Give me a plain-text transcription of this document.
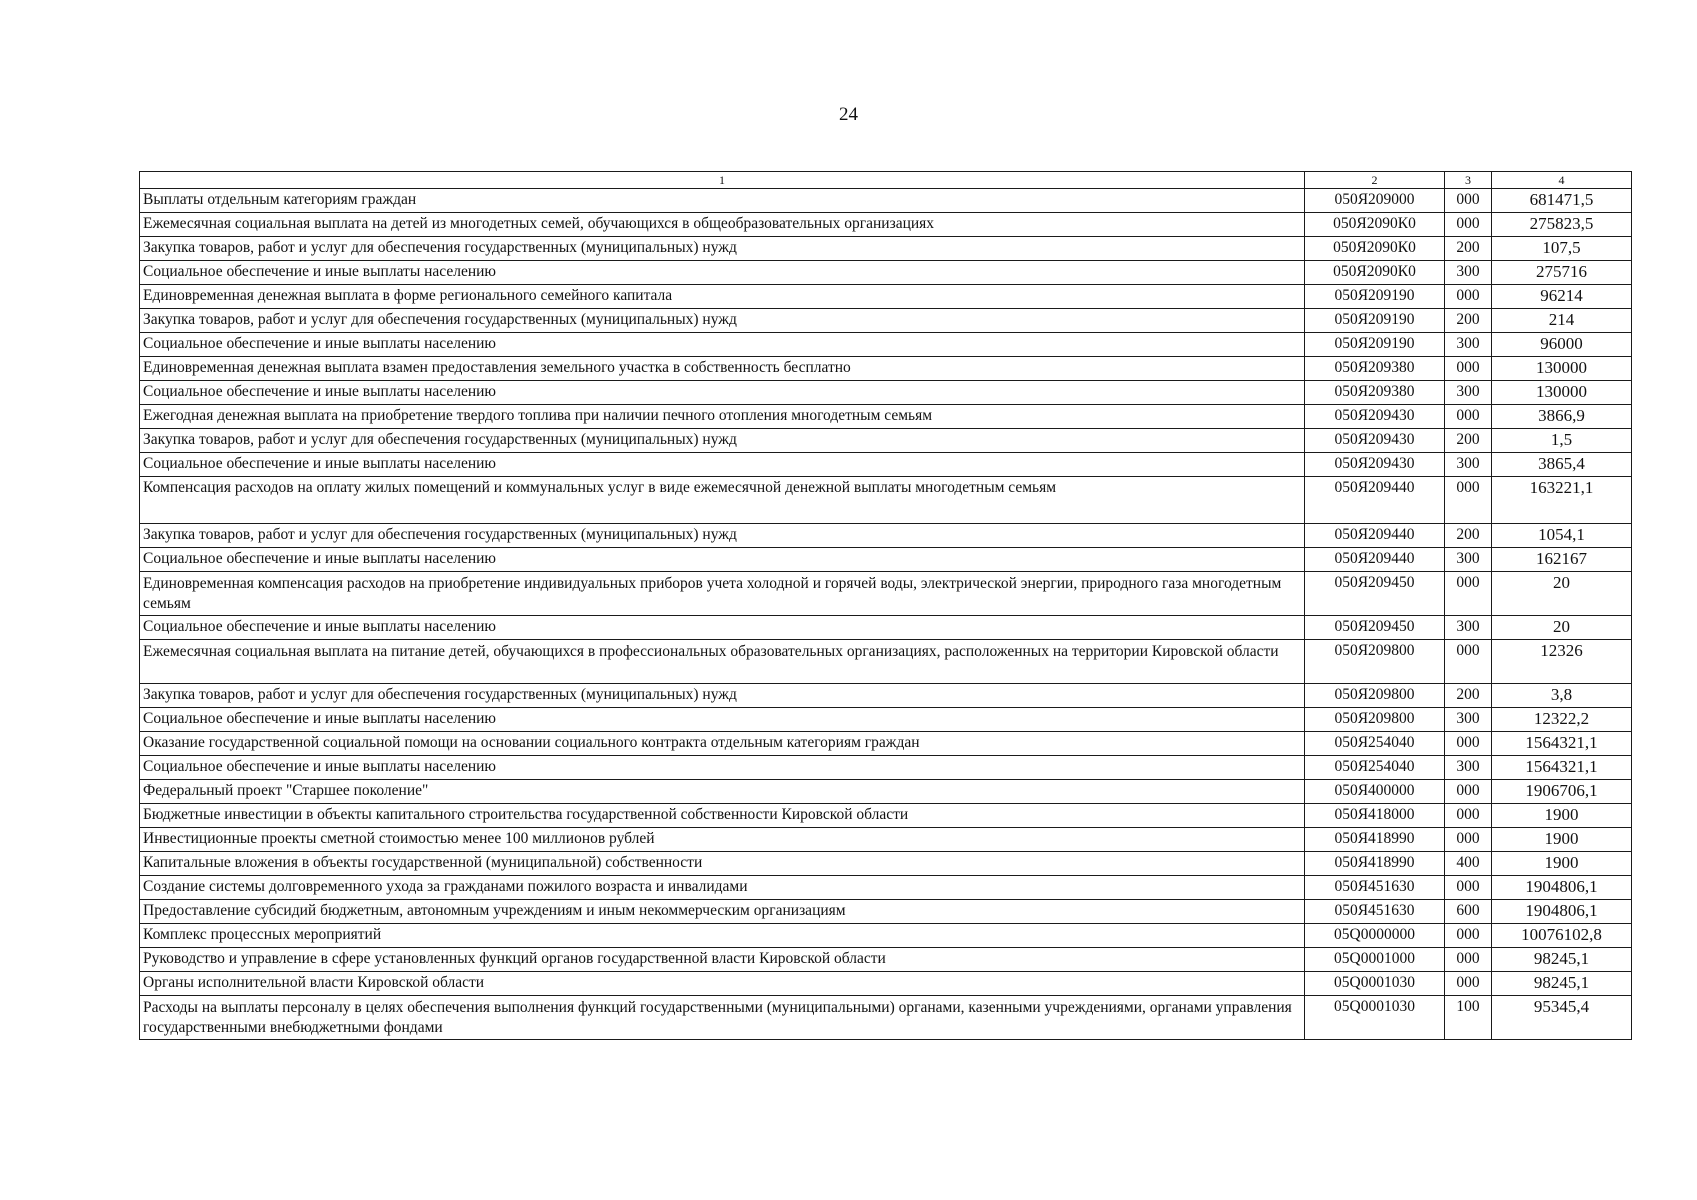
24
1	2	3	4
Выплаты отдельным категориям граждан	050Я209000	000	681471,5
Ежемесячная социальная выплата на детей из многодетных семей, обучающихся в общеобразовательных организациях	050Я2090К0	000	275823,5
Закупка товаров, работ и услуг для обеспечения государственных (муниципальных) нужд	050Я2090К0	200	107,5
Социальное обеспечение и иные выплаты населению	050Я2090К0	300	275716
Единовременная денежная выплата в форме регионального семейного капитала	050Я209190	000	96214
Закупка товаров, работ и услуг для обеспечения государственных (муниципальных) нужд	050Я209190	200	214
Социальное обеспечение и иные выплаты населению	050Я209190	300	96000
Единовременная денежная выплата взамен предоставления земельного участка в собственность бесплатно	050Я209380	000	130000
Социальное обеспечение и иные выплаты населению	050Я209380	300	130000
Ежегодная денежная выплата на приобретение твердого топлива при наличии печного отопления многодетным семьям	050Я209430	000	3866,9
Закупка товаров, работ и услуг для обеспечения государственных (муниципальных) нужд	050Я209430	200	1,5
Социальное обеспечение и иные выплаты населению	050Я209430	300	3865,4
Компенсация расходов на оплату жилых помещений и коммунальных услуг в виде ежемесячной денежной выплаты многодетным семьям	050Я209440	000	163221,1
Закупка товаров, работ и услуг для обеспечения государственных (муниципальных) нужд	050Я209440	200	1054,1
Социальное обеспечение и иные выплаты населению	050Я209440	300	162167
Единовременная компенсация расходов на приобретение индивидуальных приборов учета холодной и горячей воды, электрической энергии, природного газа многодетным семьям	050Я209450	000	20
Социальное обеспечение и иные выплаты населению	050Я209450	300	20
Ежемесячная социальная выплата на питание детей, обучающихся в профессиональных образовательных организациях, расположенных на территории Кировской области	050Я209800	000	12326
Закупка товаров, работ и услуг для обеспечения государственных (муниципальных) нужд	050Я209800	200	3,8
Социальное обеспечение и иные выплаты населению	050Я209800	300	12322,2
Оказание государственной социальной помощи на основании социального контракта отдельным категориям граждан	050Я254040	000	1564321,1
Социальное обеспечение и иные выплаты населению	050Я254040	300	1564321,1
Федеральный проект "Старшее поколение"	050Я400000	000	1906706,1
Бюджетные инвестиции в объекты капитального строительства государственной собственности Кировской области	050Я418000	000	1900
Инвестиционные проекты сметной стоимостью менее 100 миллионов рублей	050Я418990	000	1900
Капитальные вложения в объекты государственной (муниципальной) собственности	050Я418990	400	1900
Создание системы долговременного ухода за гражданами пожилого возраста и инвалидами	050Я451630	000	1904806,1
Предоставление субсидий бюджетным, автономным учреждениям и иным некоммерческим организациям	050Я451630	600	1904806,1
Комплекс процессных мероприятий	05Q0000000	000	10076102,8
Руководство и управление в сфере установленных функций органов государственной власти Кировской области	05Q0001000	000	98245,1
Органы исполнительной власти Кировской области	05Q0001030	000	98245,1
Расходы на выплаты персоналу в целях обеспечения выполнения функций государственными (муниципальными) органами, казенными учреждениями, органами управления государственными внебюджетными фондами	05Q0001030	100	95345,4
